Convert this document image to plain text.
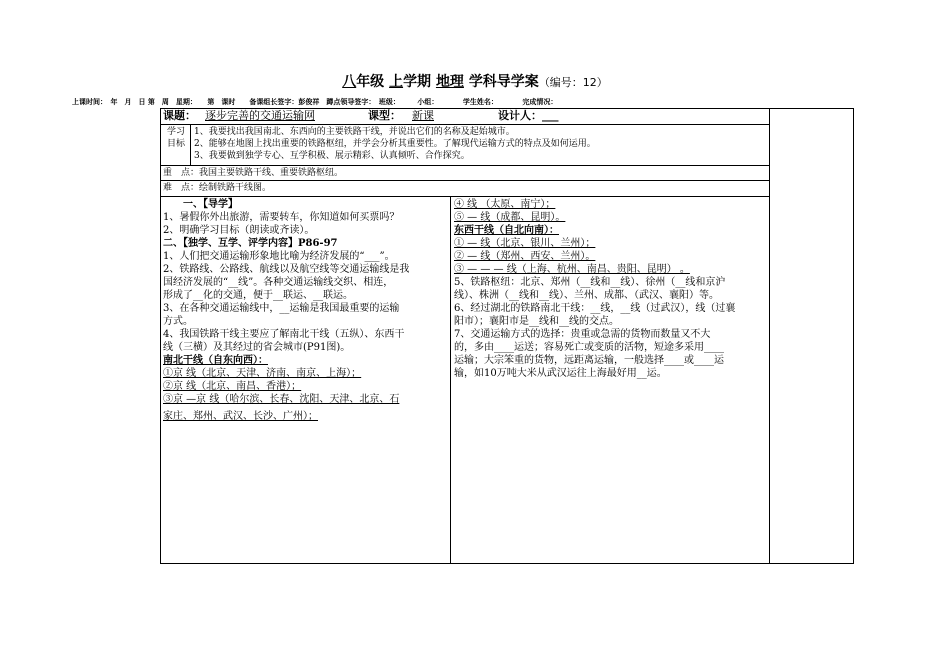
八年级 上学期 地理 学科导学案（编号：12）
上课时间：　年　月　日 第　周　星期：　　第　课时　　备课组长签字：彭俊祥　蹲点领导签字：　班级：　　　小组：　　　　学生姓名：　　　　完成情况：
课题： 逐步完善的交通运输网	课型： 新课	设计人：___
学习目标

1、我要找出我国南北、东西向的主要铁路干线，并说出它们的名称及起始城市。

2、能够在地图上找出重要的铁路枢纽，并学会分析其重要性。了解现代运输方式的特点及如何运用。

3、我要做到独学专心、互学积极、展示精彩、认真倾听、合作探究。

重　点：我国主要铁路干线、重要铁路枢纽。
难　点：绘制铁路干线图。

　　一、【导学】

1、暑假你外出旅游，需要转车，你知道如何买票吗？

2、明确学习目标（朗读或齐读）。

二、【独学、互学、评学内容】P86-97

1、人们把交通运输形象地比喻为经济发展的“___”。

2、铁路线、公路线、航线以及航空线等交通运输线是我

国经济发展的“__线”。各种交通运输线交织、相连，

形成了__化的交通，便于__联运、__联运。

3、在各种交通运输线中，__运输是我国最重要的运输

方式。

4、我国铁路干线主要应了解南北干线（五纵）、东西干

线（三横）及其经过的省会城市(P91图)。

南北干线（自东向西）：

①京 线（北京、天津、济南、南京、上海）；

②京 线（北京、南昌、香港）；

③京 —京 线（哈尔滨、长春、沈阳、天津、北京、石

家庄、郑州、武汉、长沙、广州）；

④ 线 （太原、南宁）；

⑤ — 线（成都、昆明）。

东西干线（自北向南）：

① — 线（北京、银川、兰州）；

② — 线（郑州、西安、兰州）。

③ — — — 线（上海、杭州、南昌、贵阳、昆明） 。

5、铁路枢纽：北京、郑州（__线和__线）、徐州（__线和京沪

线）、株洲（__线和__线）、兰州、成都、（武汉、襄阳）等。

6、经过湖北的铁路南北干线：__线，__线（过武汉），线（过襄

阳市）；襄阳市是__线和__线的交点。

7、交通运输方式的选择：贵重或急需的货物而数量又不大

的，多由____运送；容易死亡或变质的活物，短途多采用____

运输；大宗笨重的货物，远距离运输，一般选择____或____运

输，如10万吨大米从武汉运往上海最好用__运。
